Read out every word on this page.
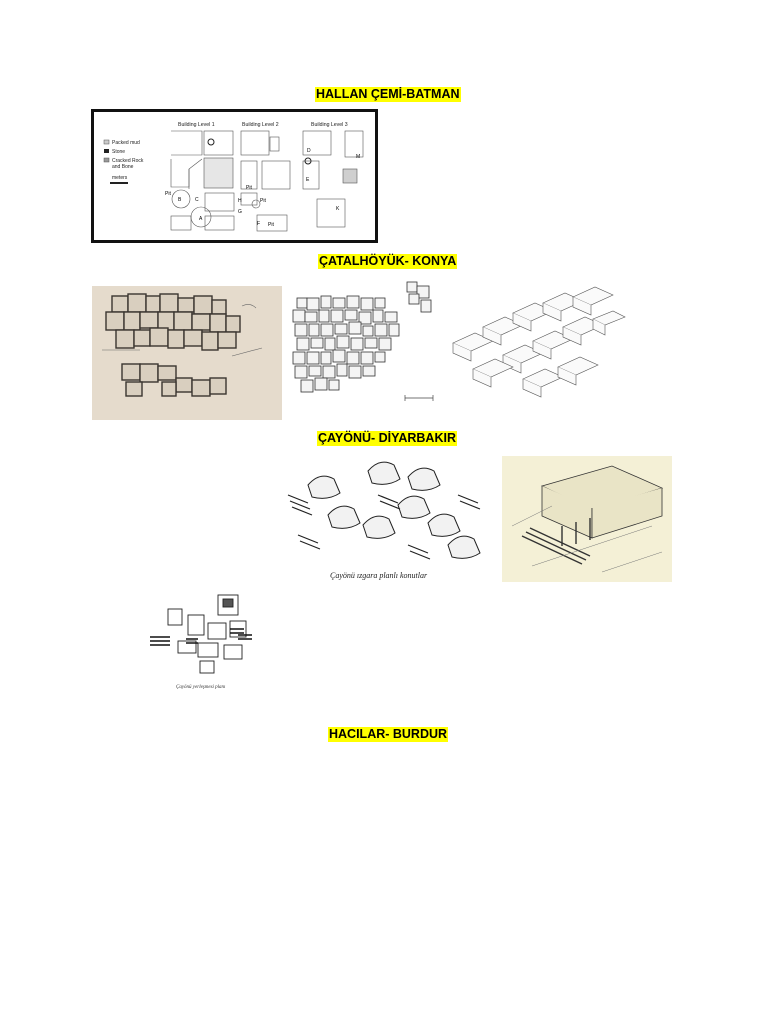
HALLAN ÇEMİ-BATMAN
Packed mud
Stone
Cracked Rock
and Bone
meters
Building Level 1	Building Level 2	Building Level 3
Pit
B	C
A
Pit
H	Pit
G
F Pit
D
E
M
K
ÇATALHÖYÜK- KONYA
ÇAYÖNÜ- DİYARBAKIR
Çayönü ızgara planlı konutlar
Çayönü yerleşmesi planı
HACILAR- BURDUR
